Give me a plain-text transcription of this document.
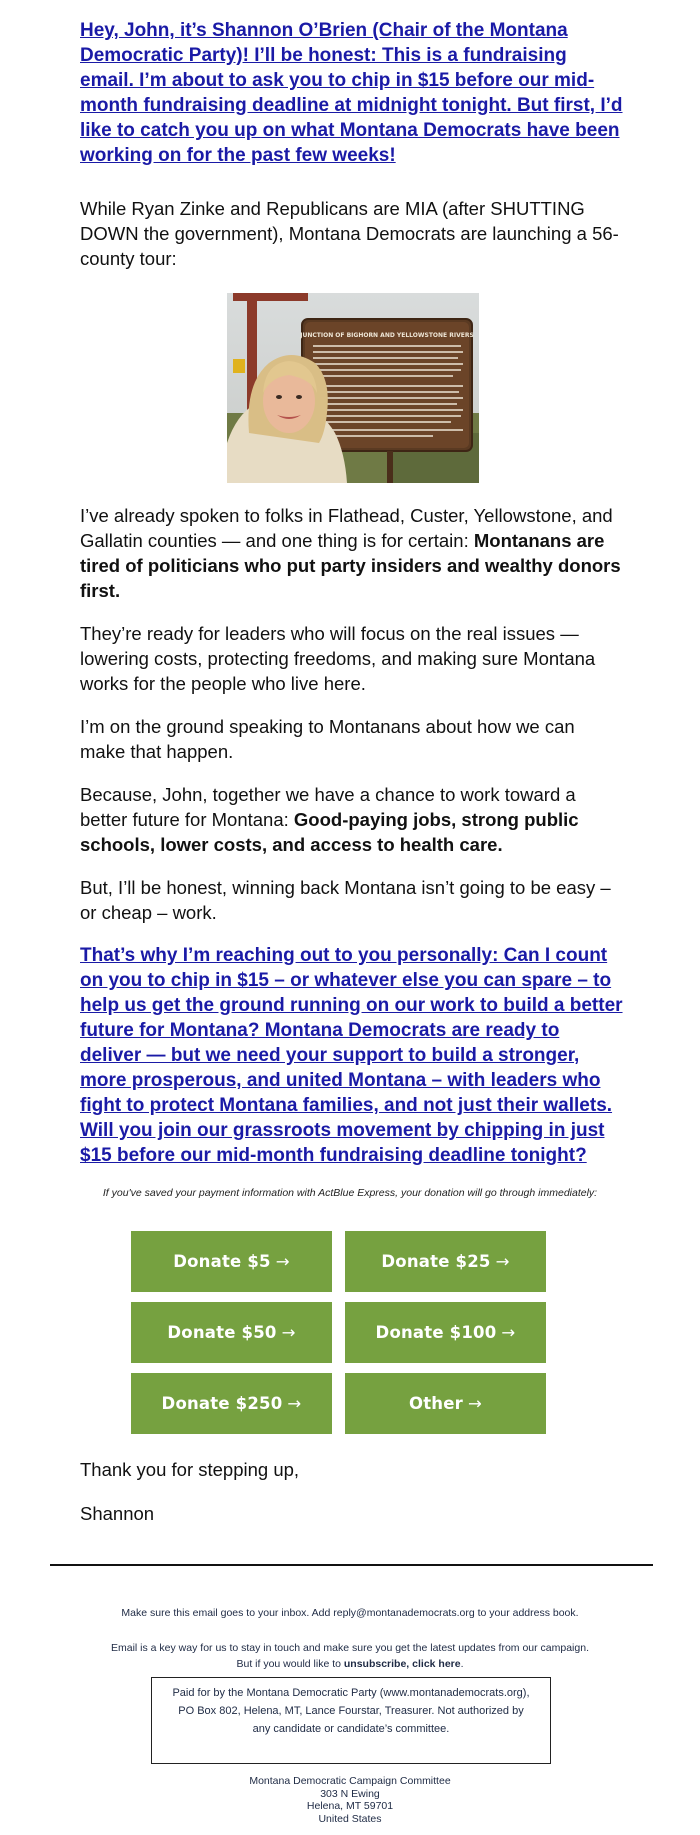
Hey, John, it’s Shannon O’Brien (Chair of the Montana Democratic Party)! I’ll be honest: This is a fundraising email. I’m about to ask you to chip in $15 before our mid-month fundraising deadline at midnight tonight. But first, I’d like to catch you up on what Montana Democrats have been working on for the past few weeks!

While Ryan Zinke and Republicans are MIA (after SHUTTING DOWN the government), Montana Democrats are launching a 56-county tour:

JUNCTION OF BIGHORN AND YELLOWSTONE RIVERS

I’ve already spoken to folks in Flathead, Custer, Yellowstone, and Gallatin counties — and one thing is for certain: Montanans are tired of politicians who put party insiders and wealthy donors first.

They’re ready for leaders who will focus on the real issues — lowering costs, protecting freedoms, and making sure Montana works for the people who live here.

I’m on the ground speaking to Montanans about how we can make that happen.

Because, John, together we have a chance to work toward a better future for Montana: Good-paying jobs, strong public schools, lower costs, and access to health care.

But, I’ll be honest, winning back Montana isn’t going to be easy – or cheap – work.

That’s why I’m reaching out to you personally: Can I count on you to chip in $15 – or whatever else you can spare – to help us get the ground running on our work to build a better future for Montana? Montana Democrats are ready to deliver — but we need your support to build a stronger, more prosperous, and united Montana – with leaders who fight to protect Montana families, and not just their wallets. Will you join our grassroots movement by chipping in just $15 before our mid-month fundraising deadline tonight?
If you've saved your payment information with ActBlue Express, your donation will go through immediately:
Donate $5 →	Donate $25 →
Donate $50 →	Donate $100 →
Donate $250 →	Other →
Thank you for stepping up,
Shannon
Make sure this email goes to your inbox. Add reply@montanademocrats.org to your address book.
Email is a key way for us to stay in touch and make sure you get the latest updates from our campaign.
But if you would like to unsubscribe, click here.
Paid for by the Montana Democratic Party (www.montanademocrats.org), PO Box 802, Helena, MT, Lance Fourstar, Treasurer. Not authorized by any candidate or candidate’s committee.
Montana Democratic Campaign Committee
303 N Ewing
Helena, MT 59701
United States
